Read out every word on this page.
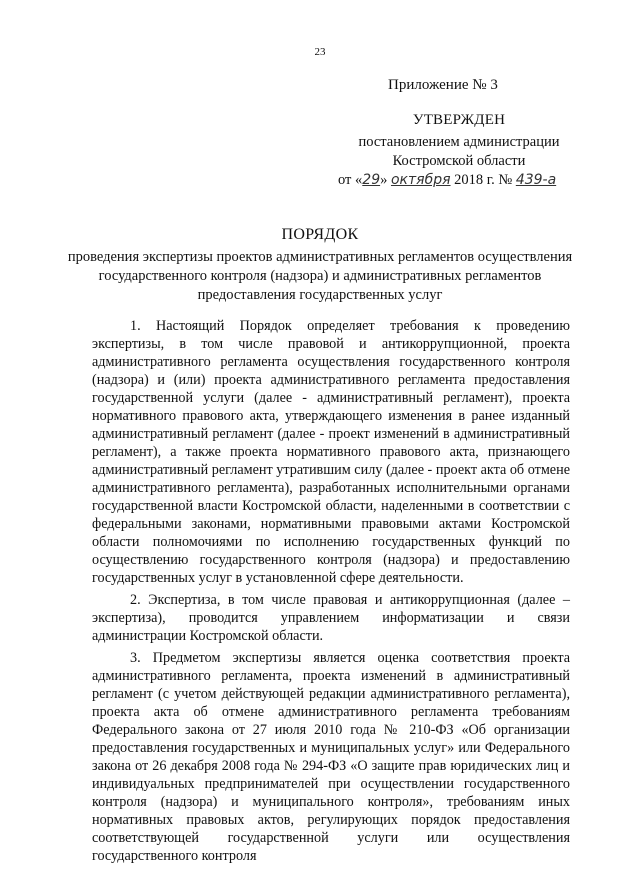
23
Приложение № 3
УТВЕРЖДЕН
постановлением администрации
Костромской области
от «29» октября 2018 г. № 439-а
ПОРЯДОК
проведения экспертизы проектов административных регламентов осуществления государственного контроля (надзора) и административных регламентов предоставления государственных услуг

1. Настоящий Порядок определяет требования к проведению экспертизы, в том числе правовой и антикоррупционной, проекта административного регламента осуществления государственного контроля (надзора) и (или) проекта административного регламента предоставления государственной услуги (далее - административный регламент), проекта нормативного правового акта, утверждающего изменения в ранее изданный административный регламент (далее - проект изменений в административный регламент), а также проекта нормативного правового акта, признающего административный регламент утратившим силу (далее - проект акта об отмене административного регламента), разработанных исполнительными органами государственной власти Костромской области, наделенными в соответствии с федеральными законами, нормативными правовыми актами Костромской области полномочиями по исполнению государственных функций по осуществлению государственного контроля (надзора) и предоставлению государственных услуг в установленной сфере деятельности.

2. Экспертиза, в том числе правовая и антикоррупционная (далее – экспертиза), проводится управлением информатизации и связи администрации Костромской области.

3. Предметом экспертизы является оценка соответствия проекта административного регламента, проекта изменений в административный регламент (с учетом действующей редакции административного регламента), проекта акта об отмене административного регламента требованиям Федерального закона от 27 июля 2010 года № 210-ФЗ «Об организации предоставления государственных и муниципальных услуг» или Федерального закона от 26 декабря 2008 года № 294-ФЗ «О защите прав юридических лиц и индивидуальных предпринимателей при осуществлении государственного контроля (надзора) и муниципального контроля», требованиям иных нормативных правовых актов, регулирующих порядок предоставления соответствующей государственной услуги или осуществления государственного контроля
